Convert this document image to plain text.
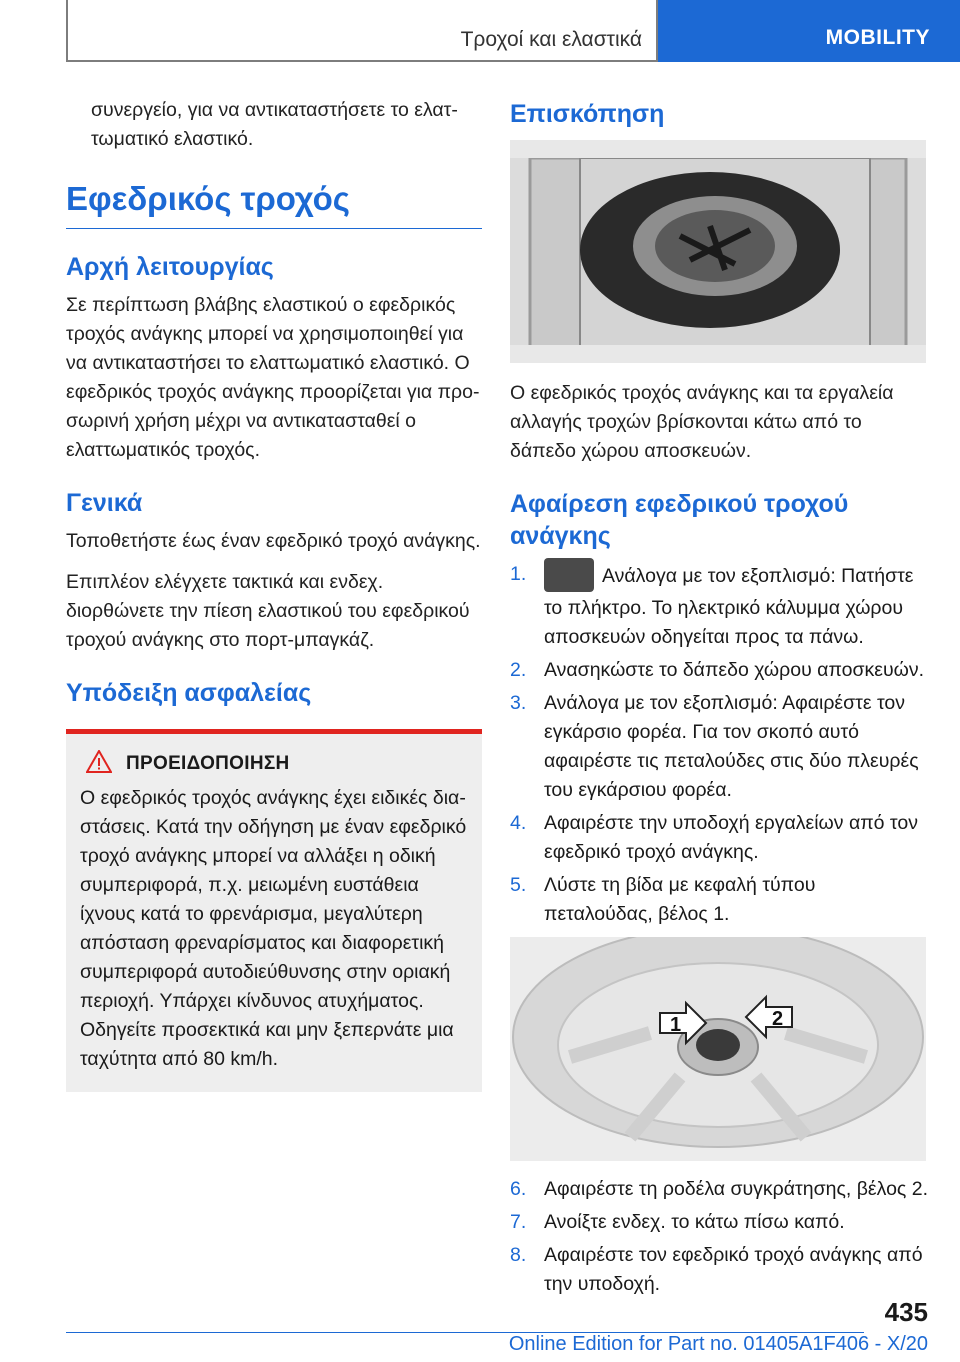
Τροχοί και ελαστικά	MOBILITY

συνεργείο, για να αντικαταστήσετε το ελαττωματικό ελαστικό.

Εφεδρικός τροχός
Αρχή λειτουργίας

Σε περίπτωση βλάβης ελαστικού ο εφεδρικός τροχός ανάγκης μπορεί να χρησιμοποιηθεί για να αντικαταστήσει το ελαττωματικό ελαστικό. Ο εφεδρικός τροχός ανάγκης προορίζεται για προσωρινή χρήση μέχρι να αντικατασταθεί ο ελαττωματικός τροχός.

Γενικά

Τοποθετήστε έως έναν εφεδρικό τροχό ανάγκης.

Επιπλέον ελέγχετε τακτικά και ενδεχ. διορθώνετε την πίεση ελαστικού του εφεδρικού τροχού ανάγκης στο πορτ-μπαγκάζ.

Υπόδειξη ασφαλείας
ΠΡΟΕΙΔΟΠΟΙΗΣΗ

Ο εφεδρικός τροχός ανάγκης έχει ειδικές διαστάσεις. Κατά την οδήγηση με έναν εφεδρικό τροχό ανάγκης μπορεί να αλλάξει η οδική συμπεριφορά, π.χ. μειωμένη ευστάθεια ίχνους κατά το φρενάρισμα, μεγαλύτερη απόσταση φρεναρίσματος και διαφορετική συμπεριφορά αυτοδιεύθυνσης στην οριακή περιοχή. Υπάρχει κίνδυνος ατυχήματος. Οδηγείτε προσεκτικά και μην ξεπερνάτε μια ταχύτητα από 80 km/h.

Επισκόπηση

Ο εφεδρικός τροχός ανάγκης και τα εργαλεία αλλαγής τροχών βρίσκονται κάτω από το δάπεδο χώρου αποσκευών.

Αφαίρεση εφεδρικού τροχού ανάγκης
1.	Ανάλογα με τον εξοπλισμό: Πατήστε το πλήκτρο. Το ηλεκτρικό κάλυμμα χώρου αποσκευών οδηγείται προς τα πάνω.
2. Ανασηκώστε το δάπεδο χώρου αποσκευών.
3. Ανάλογα με τον εξοπλισμό: Αφαιρέστε τον εγκάρσιο φορέα. Για τον σκοπό αυτό αφαιρέστε τις πεταλούδες στις δύο πλευρές του εγκάρσιου φορέα.
4. Αφαιρέστε την υποδοχή εργαλείων από τον εφεδρικό τροχό ανάγκης.
5. Λύστε τη βίδα με κεφαλή τύπου πεταλούδας, βέλος 1.
1	2
6. Αφαιρέστε τη ροδέλα συγκράτησης, βέλος 2.
7. Ανοίξτε ενδεχ. το κάτω πίσω καπό.
8. Αφαιρέστε τον εφεδρικό τροχό ανάγκης από την υποδοχή.
435
Online Edition for Part no. 01405A1F406 - X/20
